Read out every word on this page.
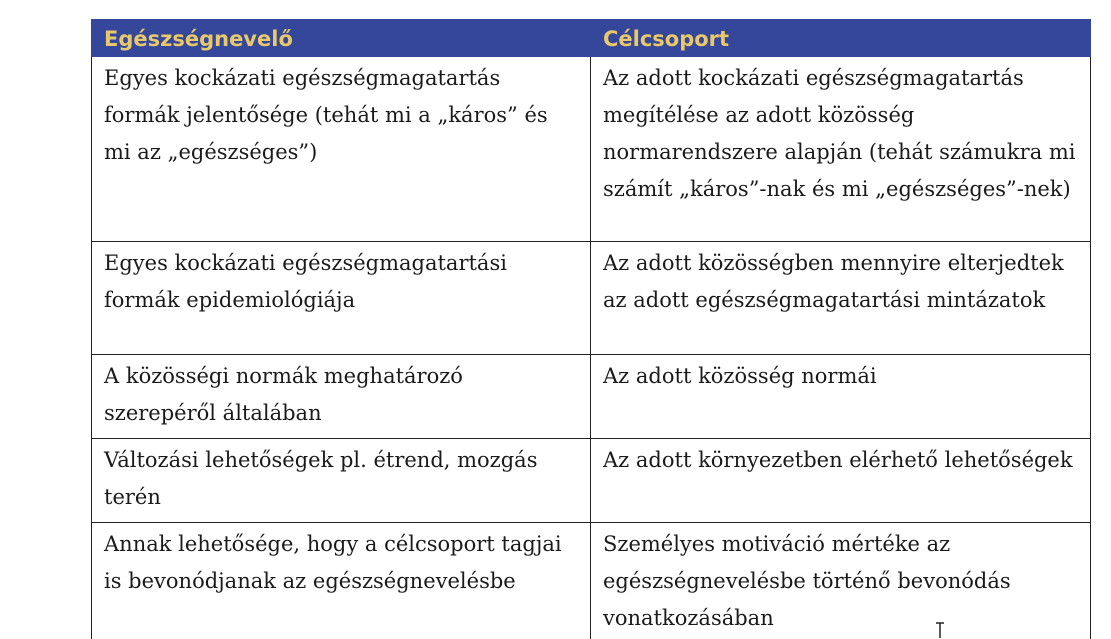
Egészségnevelő	Célcsoport
Egyes kockázati egészségmagatartás formák jelentősége (tehát mi a „káros” és mi az „egészséges”)	Az adott kockázati egészségmagatartás megítélése az adott közösség normarendszere alapján (tehát számukra mi számít „káros”-nak és mi „egészséges”-nek)
Egyes kockázati egészségmagatartási formák epidemiológiája	Az adott közösségben mennyire elterjedtek az adott egészségmagatartási mintázatok
A közösségi normák meghatározó szerepéről általában	Az adott közösség normái
Változási lehetőségek pl. étrend, mozgás terén	Az adott környezetben elérhető lehetőségek
Annak lehetősége, hogy a célcsoport tagjai is bevonódjanak az egészségnevelésbe	Személyes motiváció mértéke az egészségnevelésbe történő bevonódás vonatkozásában
